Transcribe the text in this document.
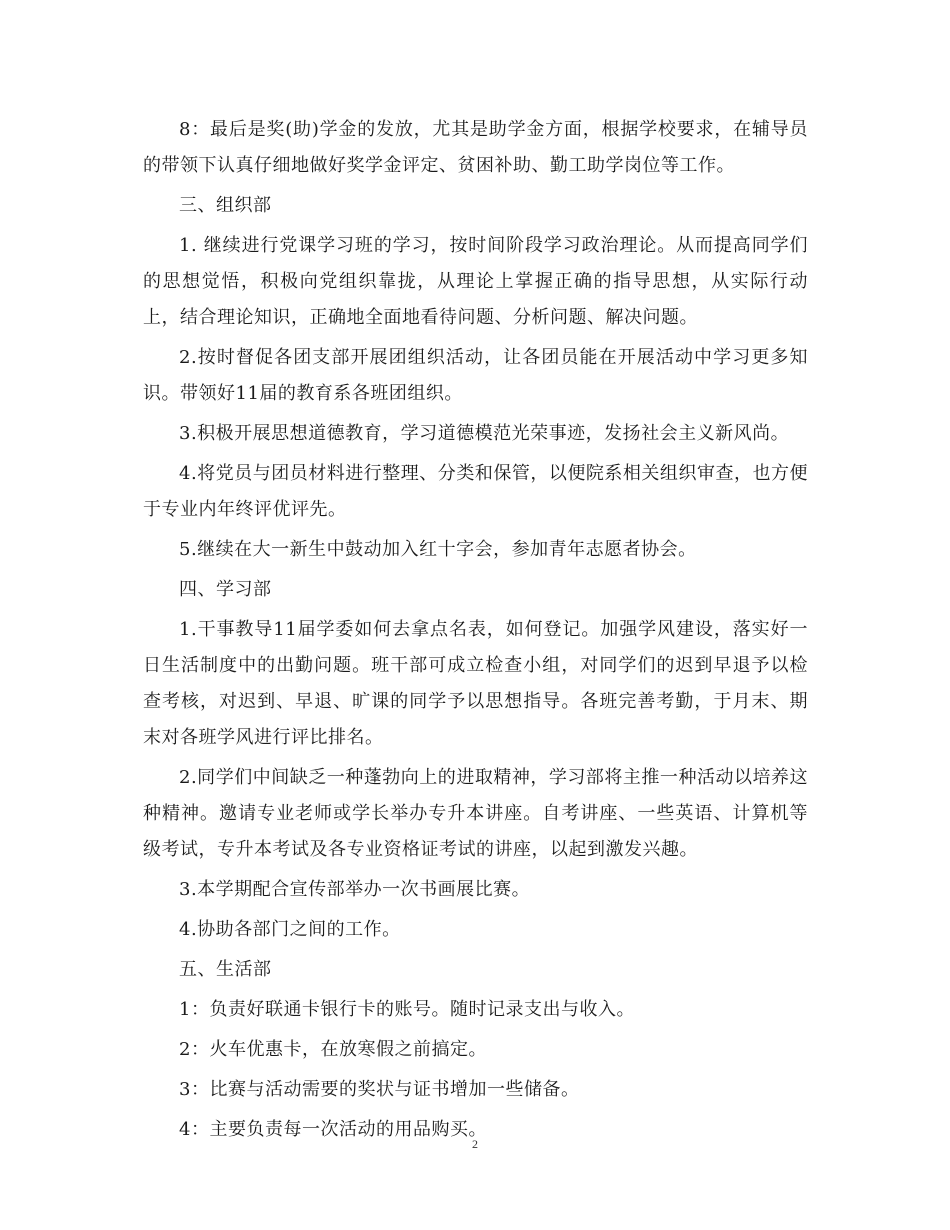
8：最后是奖(助)学金的发放，尤其是助学金方面，根据学校要求，在辅导员的带领下认真仔细地做好奖学金评定、贫困补助、勤工助学岗位等工作。

三、组织部

1. 继续进行党课学习班的学习，按时间阶段学习政治理论。从而提高同学们的思想觉悟，积极向党组织靠拢，从理论上掌握正确的指导思想，从实际行动上，结合理论知识，正确地全面地看待问题、分析问题、解决问题。

2.按时督促各团支部开展团组织活动，让各团员能在开展活动中学习更多知识。带领好11届的教育系各班团组织。

3.积极开展思想道德教育，学习道德模范光荣事迹，发扬社会主义新风尚。

4.将党员与团员材料进行整理、分类和保管，以便院系相关组织审查，也方便于专业内年终评优评先。

5.继续在大一新生中鼓动加入红十字会，参加青年志愿者协会。

四、学习部

1.干事教导11届学委如何去拿点名表，如何登记。加强学风建设，落实好一日生活制度中的出勤问题。班干部可成立检查小组，对同学们的迟到早退予以检查考核，对迟到、早退、旷课的同学予以思想指导。各班完善考勤，于月末、期末对各班学风进行评比排名。

2.同学们中间缺乏一种蓬勃向上的进取精神，学习部将主推一种活动以培养这种精神。邀请专业老师或学长举办专升本讲座。自考讲座、一些英语、计算机等级考试，专升本考试及各专业资格证考试的讲座，以起到激发兴趣。

3.本学期配合宣传部举办一次书画展比赛。

4.协助各部门之间的工作。

五、生活部

1：负责好联通卡银行卡的账号。随时记录支出与收入。

2：火车优惠卡，在放寒假之前搞定。

3：比赛与活动需要的奖状与证书增加一些储备。

4：主要负责每一次活动的用品购买。

2
